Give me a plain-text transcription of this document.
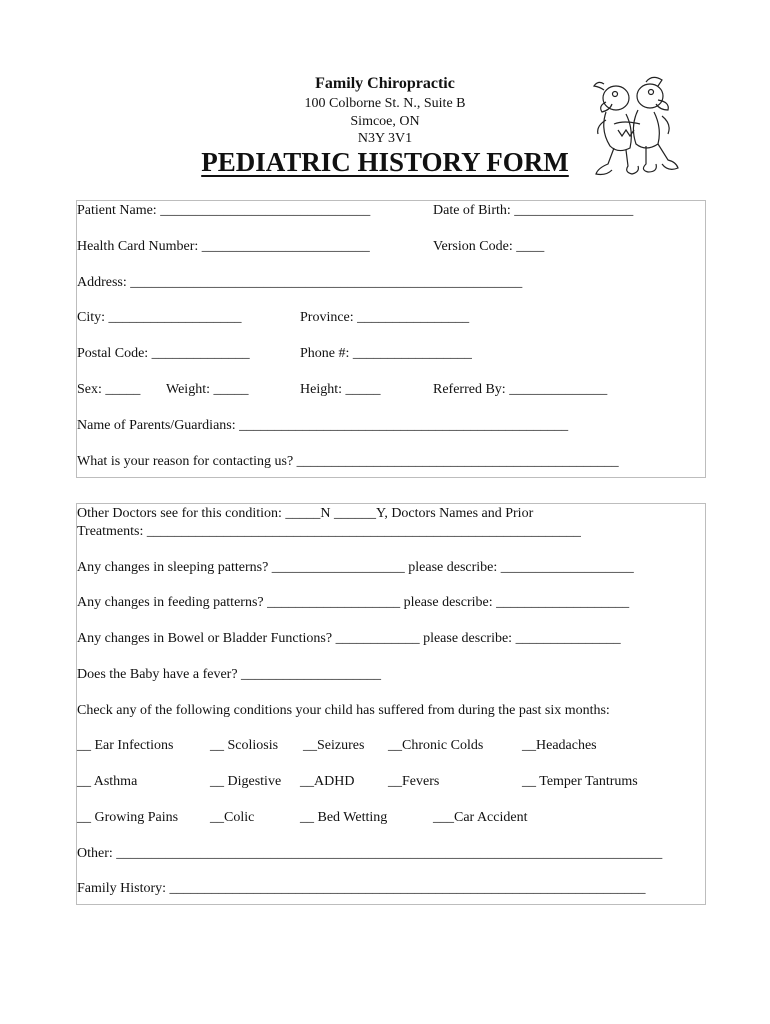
Family Chiropractic
100 Colborne St. N., Suite B
Simcoe, ON
N3Y 3V1
PEDIATRIC HISTORY FORM
Patient Name: ______________________________	Date of Birth: _________________
Health Card Number: ________________________	Version Code: ____
Address: ________________________________________________________
City: ___________________	Province: ________________
Postal Code: ______________	Phone #: _________________
Sex: _____ Weight: _____	Height: _____	Referred By: ______________
Name of Parents/Guardians: _______________________________________________
What is your reason for contacting us? ______________________________________________
Other Doctors see for this condition: _____N ______Y, Doctors Names and Prior
Treatments: ______________________________________________________________
Any changes in sleeping patterns? ___________________ please describe: ___________________
Any changes in feeding patterns? ___________________ please describe: ___________________
Any changes in Bowel or Bladder Functions? ____________ please describe: _______________
Does the Baby have a fever? ____________________
Check any of the following conditions your child has suffered from during the past six months:
__ Ear Infections	__ Scoliosis __Seizures __Chronic Colds	__Headaches
__ Asthma	__ Digestive __ADHD __Fevers	__ Temper Tantrums
__ Growing Pains __Colic	__ Bed Wetting	___Car Accident
Other: ______________________________________________________________________________
Family History: ____________________________________________________________________
